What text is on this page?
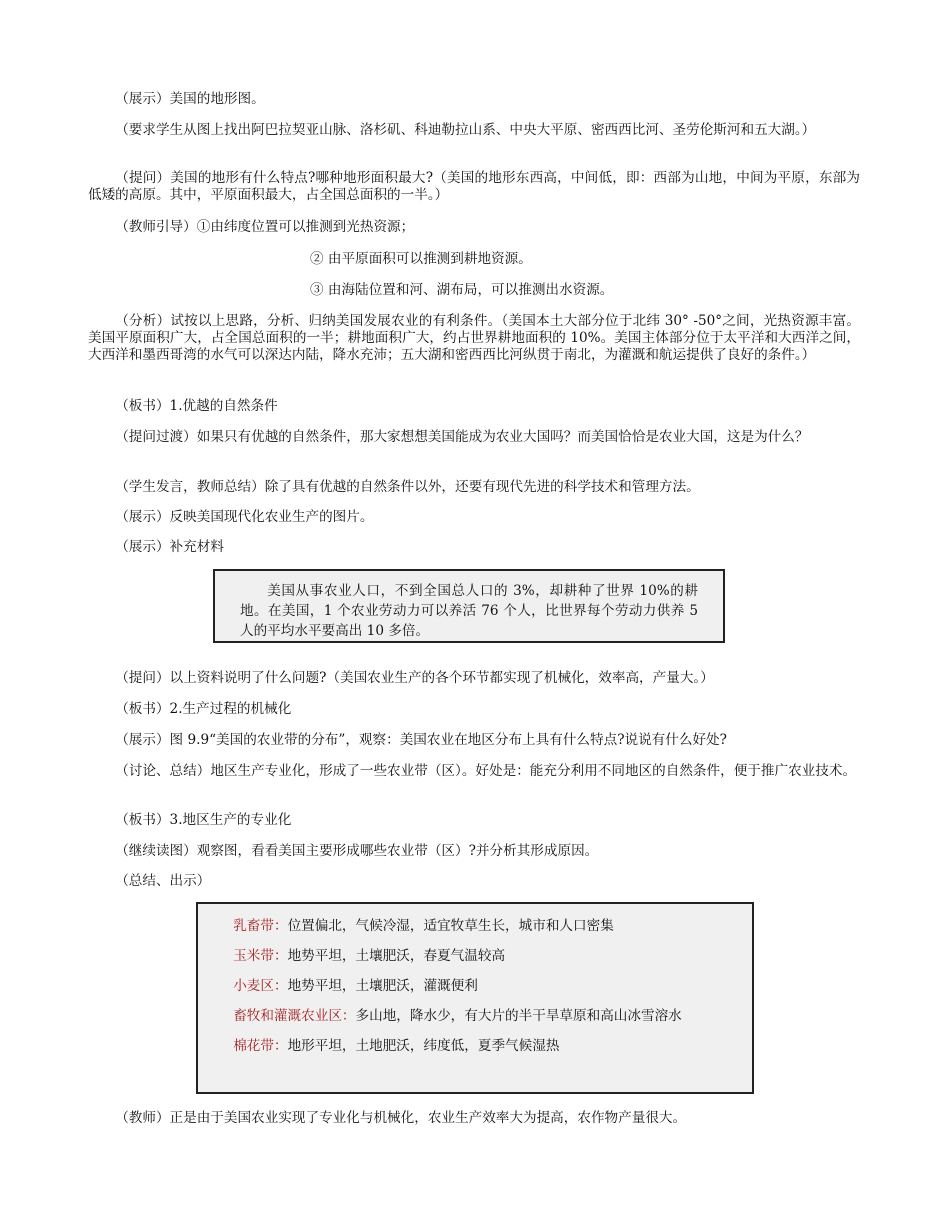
（展示）美国的地形图。

（要求学生从图上找出阿巴拉契亚山脉、洛杉矶、科迪勒拉山系、中央大平原、密西西比河、圣劳伦斯河和五大湖。）

（提问）美国的地形有什么特点?哪种地形面积最大?（美国的地形东西高，中间低，即：西部为山地，中间为平原，东部为低矮的高原。其中，平原面积最大，占全国总面积的一半。）

（教师引导）①由纬度位置可以推测到光热资源；

② 由平原面积可以推测到耕地资源。

③ 由海陆位置和河、湖布局，可以推测出水资源。

（分析）试按以上思路，分析、归纳美国发展农业的有利条件。（美国本土大部分位于北纬 30° -50°之间，光热资源丰富。美国平原面积广大，占全国总面积的一半；耕地面积广大，约占世界耕地面积的 10%。美国主体部分位于太平洋和大西洋之间，大西洋和墨西哥湾的水气可以深达内陆，降水充沛；五大湖和密西西比河纵贯于南北，为灌溉和航运提供了良好的条件。）

（板书）1.优越的自然条件

（提问过渡）如果只有优越的自然条件，那大家想想美国能成为农业大国吗？而美国恰恰是农业大国，这是为什么？

（学生发言，教师总结）除了具有优越的自然条件以外，还要有现代先进的科学技术和管理方法。

（展示）反映美国现代化农业生产的图片。

（展示）补充材料

美国从事农业人口，不到全国总人口的 3%，却耕种了世界 10%的耕地。在美国，1 个农业劳动力可以养活 76 个人，比世界每个劳动力供养 5 人的平均水平要高出 10 多倍。

（提问）以上资料说明了什么问题?（美国农业生产的各个环节都实现了机械化，效率高，产量大。）

（板书）2.生产过程的机械化

（展示）图 9.9“美国的农业带的分布”，观察：美国农业在地区分布上具有什么特点?说说有什么好处?

（讨论、总结）地区生产专业化，形成了一些农业带（区）。好处是：能充分利用不同地区的自然条件，便于推广农业技术。

（板书）3.地区生产的专业化

（继续读图）观察图，看看美国主要形成哪些农业带（区）?并分析其形成原因。

（总结、出示）

乳畜带：位置偏北，气候冷湿，适宜牧草生长，城市和人口密集

玉米带：地势平坦，土壤肥沃，春夏气温较高

小麦区：地势平坦，土壤肥沃，灌溉便利

畜牧和灌溉农业区：多山地，降水少，有大片的半干旱草原和高山冰雪溶水

棉花带：地形平坦，土地肥沃，纬度低，夏季气候湿热

（教师）正是由于美国农业实现了专业化与机械化，农业生产效率大为提高，农作物产量很大。
